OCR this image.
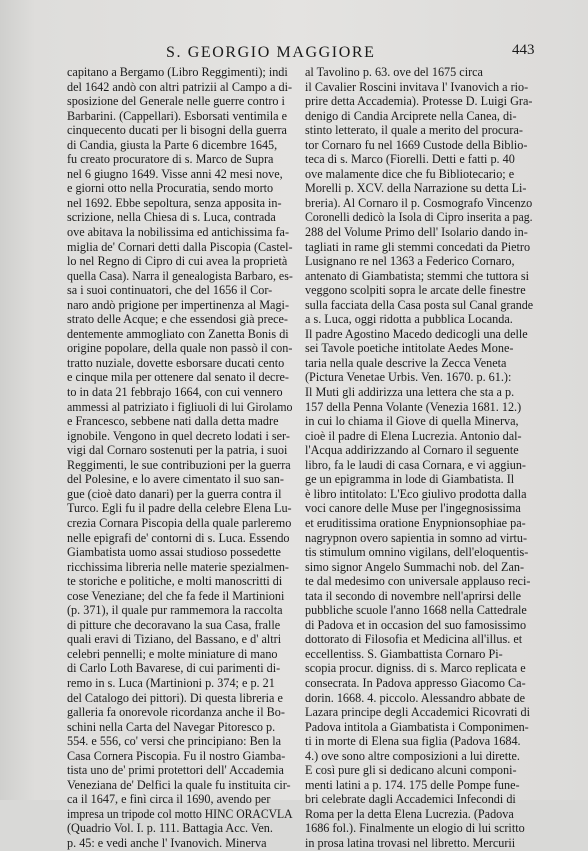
S. GEORGIO MAGGIORE	443
capitano a Bergamo (Libro Reggimenti); indi
del 1642 andò con altri patrizii al Campo a di-
sposizione del Generale nelle guerre contro i
Barbarini. (Cappellari). Esborsati ventimila e
cinquecento ducati per li bisogni della guerra
di Candia, giusta la Parte 6 dicembre 1645,
fu creato procuratore di s. Marco de Supra
nel 6 giugno 1649. Visse anni 42 mesi nove,
e giorni otto nella Procuratia, sendo morto
nel 1692. Ebbe sepoltura, senza apposita in-
scrizione, nella Chiesa di s. Luca, contrada
ove abitava la nobilissima ed antichissima fa-
miglia de' Cornari detti dalla Piscopia (Castel-
lo nel Regno di Cipro di cui avea la proprietà
quella Casa). Narra il genealogista Barbaro, es-
sa i suoi continuatori, che del 1656 il Cor-
naro andò prigione per impertinenza al Magi-
strato delle Acque; e che essendosi già prece-
dentemente ammogliato con Zanetta Bonis di
origine popolare, della quale non passò il con-
tratto nuziale, dovette esborsare ducati cento
e cinque mila per ottenere dal senato il decre-
to in data 21 febbrajo 1664, con cui vennero
ammessi al patriziato i figliuoli di lui Girolamo
e Francesco, sebbene nati dalla detta madre
ignobile. Vengono in quel decreto lodati i ser-
vigi dal Cornaro sostenuti per la patria, i suoi
Reggimenti, le sue contribuzioni per la guerra
del Polesine, e lo avere cimentato il suo san-
gue (cioè dato danari) per la guerra contra il
Turco. Egli fu il padre della celebre Elena Lu-
crezia Cornara Piscopia della quale parleremo
nelle epigrafi de' contorni di s. Luca. Essendo
Giambatista uomo assai studioso possedette
ricchissima libreria nelle materie spezialmen-
te storiche e politiche, e molti manoscritti di
cose Veneziane; del che fa fede il Martinioni
(p. 371), il quale pur rammemora la raccolta
di pitture che decoravano la sua Casa, fralle
quali eravi di Tiziano, del Bassano, e d' altri
celebri pennelli; e molte miniature di mano
di Carlo Loth Bavarese, di cui parimenti di-
remo in s. Luca (Martinioni p. 374; e p. 21
del Catalogo dei pittori). Di questa libreria e
galleria fa onorevole ricordanza anche il Bo-
schini nella Carta del Navegar Pitoresco p.
554. e 556, co' versi che principiano: Ben la
Casa Cornera Piscopia. Fu il nostro Giamba-
tista uno de' primi protettori dell' Accademia
Veneziana de' Delfici la quale fu instituita cir-
ca il 1647, e finì circa il 1690, avendo per
impresa un tripode col motto HINC ORACVLA
(Quadrio Vol. I. p. 111. Battagia Acc. Ven.
p. 45: e vedi anche l' Ivanovich. Minerva
al Tavolino p. 63. ove del 1675 circa
il Cavalier Roscini invitava l' Ivanovich a rio-
prire detta Accademia). Protesse D. Luigi Gra-
denigo di Candia Arciprete nella Canea, di-
stinto letterato, il quale a merito del procura-
tor Cornaro fu nel 1669 Custode della Biblio-
teca di s. Marco (Fiorelli. Detti e fatti p. 40
ove malamente dice che fu Bibliotecario; e
Morelli p. XCV. della Narrazione su detta Li-
breria). Al Cornaro il p. Cosmografo Vincenzo
Coronelli dedicò la Isola di Cipro inserita a pag.
288 del Volume Primo dell' Isolario dando in-
tagliati in rame gli stemmi concedati da Pietro
Lusignano re nel 1363 a Federico Cornaro,
antenato di Giambatista; stemmi che tuttora si
veggono scolpiti sopra le arcate delle finestre
sulla facciata della Casa posta sul Canal grande
a s. Luca, oggi ridotta a pubblica Locanda.
Il padre Agostino Macedo dedicogli una delle
sei Tavole poetiche intitolate Aedes Mone-
taria nella quale descrive la Zecca Veneta
(Pictura Venetae Urbis. Ven. 1670. p. 61.):
Il Muti gli addirizza una lettera che sta a p.
157 della Penna Volante (Venezia 1681. 12.)
in cui lo chiama il Giove di quella Minerva,
cioè il padre di Elena Lucrezia. Antonio dal-
l'Acqua addirizzando al Cornaro il seguente
libro, fa le laudi di casa Cornara, e vi aggiun-
ge un epigramma in lode di Giambatista. Il
è libro intitolato: L'Eco giulivo prodotta dalla
voci canore delle Muse per l'ingegnosissima
et eruditissima oratione Enypnionsophiae pa-
nagrypnon overo sapientia in somno ad virtu-
tis stimulum omnino vigilans, dell'eloquentis-
simo signor Angelo Summachi nob. del Zan-
te dal medesimo con universale applauso reci-
tata il secondo di novembre nell'aprirsi delle
pubbliche scuole l'anno 1668 nella Cattedrale
di Padova et in occasion del suo famosissimo
dottorato di Filosofia et Medicina all'illus. et
eccellentiss. S. Giambattista Cornaro Pi-
scopia procur. digniss. di s. Marco replicata e
consecrata. In Padova appresso Giacomo Ca-
dorin. 1668. 4. piccolo. Alessandro abbate de
Lazara principe degli Accademici Ricovrati di
Padova intitola a Giambatista i Componimen-
ti in morte di Elena sua figlia (Padova 1684.
4.) ove sono altre composizioni a lui dirette.
E così pure gli si dedicano alcuni componi-
menti latini a p. 174. 175 delle Pompe fune-
bri celebrate dagli Accademici Infecondi di
Roma per la detta Elena Lucrezia. (Padova
1686 fol.). Finalmente un elogio di lui scritto
in prosa latina trovasi nel libretto. Mercurii
